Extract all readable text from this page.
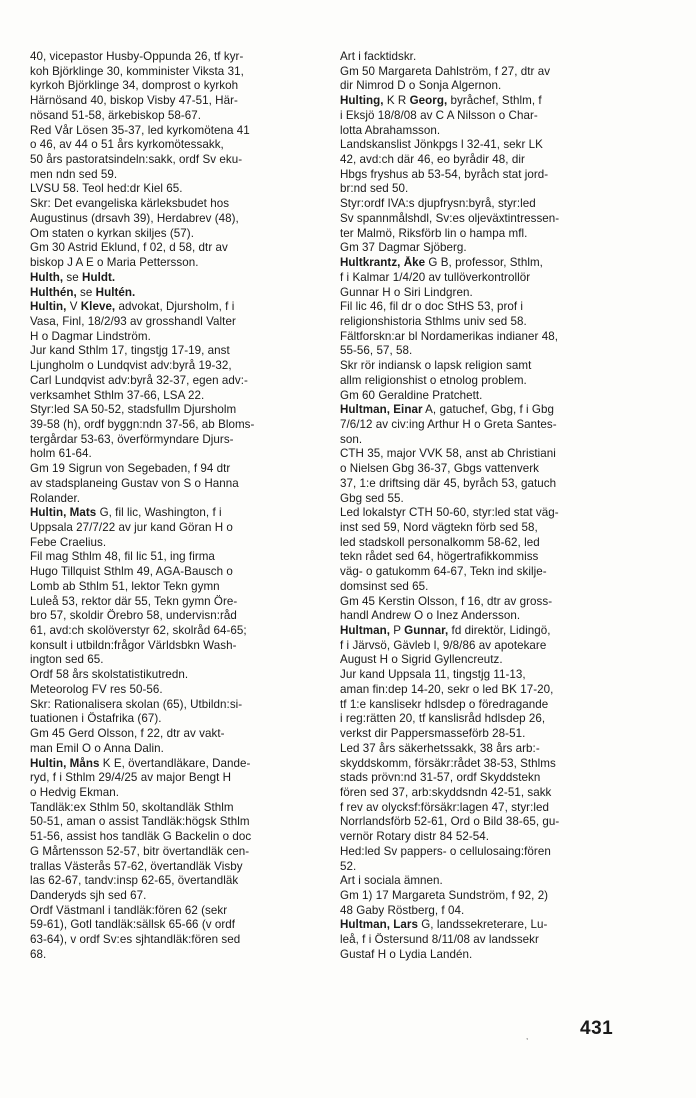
40, vicepastor Husby-Oppunda 26, tf kyr-
koh Björklinge 30, komminister Viksta 31,
kyrkoh Björklinge 34, domprost o kyrkoh
Härnösand 40, biskop Visby 47-51, Här-
nösand 51-58, ärkebiskop 58-67.
Red Vår Lösen 35-37, led kyrkomötena 41
o 46, av 44 o 51 års kyrkomötessakk,
50 års pastoratsindeln:sakk, ordf Sv eku-
men ndn sed 59.
LVSU 58. Teol hed:dr Kiel 65.
Skr: Det evangeliska kärleksbudet hos
Augustinus (drsavh 39), Herdabrev (48),
Om staten o kyrkan skiljes (57).
Gm 30 Astrid Eklund, f 02, d 58, dtr av
biskop J A E o Maria Pettersson.
Hulth, se Huldt.
Hulthén, se Hultén.
Hultin, V Kleve, advokat, Djursholm, f i
Vasa, Finl, 18/2/93 av grosshandl Valter
H o Dagmar Lindström.
Jur kand Sthlm 17, tingstjg 17-19, anst
Ljungholm o Lundqvist adv:byrå 19-32,
Carl Lundqvist adv:byrå 32-37, egen adv:-
verksamhet Sthlm 37-66, LSA 22.
Styr:led SA 50-52, stadsfullm Djursholm
39-58 (h), ordf byggn:ndn 37-56, ab Bloms-
tergårdar 53-63, överförmyndare Djurs-
holm 61-64.
Gm 19 Sigrun von Segebaden, f 94 dtr
av stadsplaneing Gustav von S o Hanna
Rolander.
Hultin, Mats G, fil lic, Washington, f i
Uppsala 27/7/22 av jur kand Göran H o
Febe Craelius.
Fil mag Sthlm 48, fil lic 51, ing firma
Hugo Tillquist Sthlm 49, AGA-Bausch o
Lomb ab Sthlm 51, lektor Tekn gymn
Luleå 53, rektor där 55, Tekn gymn Öre-
bro 57, skoldir Örebro 58, undervisn:råd
61, avd:ch skolöverstyr 62, skolråd 64-65;
konsult i utbildn:frågor Världsbkn Wash-
ington sed 65.
Ordf 58 års skolstatistikutredn.
Meteorolog FV res 50-56.
Skr: Rationalisera skolan (65), Utbildn:si-
tuationen i Östafrika (67).
Gm 45 Gerd Olsson, f 22, dtr av vakt-
man Emil O o Anna Dalin.
Hultin, Måns K E, övertandläkare, Dande-
ryd, f i Sthlm 29/4/25 av major Bengt H
o Hedvig Ekman.
Tandläk:ex Sthlm 50, skoltandläk Sthlm
50-51, aman o assist Tandläk:högsk Sthlm
51-56, assist hos tandläk G Backelin o doc
G Mårtensson 52-57, bitr övertandläk cen-
trallas Västerås 57-62, övertandläk Visby
las 62-67, tandv:insp 62-65, övertandläk
Danderyds sjh sed 67.
Ordf Västmanl i tandläk:fören 62 (sekr
59-61), Gotl tandläk:sällsk 65-66 (v ordf
63-64), v ordf Sv:es sjhtandläk:fören sed
68.
Art i facktidskr.
Gm 50 Margareta Dahlström, f 27, dtr av
dir Nimrod D o Sonja Algernon.
Hulting, K R Georg, byråchef, Sthlm, f
i Eksjö 18/8/08 av C A Nilsson o Char-
lotta Abrahamsson.
Landskanslist Jönkpgs l 32-41, sekr LK
42, avd:ch där 46, eo byrådir 48, dir
Hbgs fryshus ab 53-54, byråch stat jord-
br:nd sed 50.
Styr:ordf IVA:s djupfrysn:byrå, styr:led
Sv spannmålshdl, Sv:es oljeväxtintressen-
ter Malmö, Riksförb lin o hampa mfl.
Gm 37 Dagmar Sjöberg.
Hultkrantz, Åke G B, professor, Sthlm,
f i Kalmar 1/4/20 av tullöverkontrollör
Gunnar H o Siri Lindgren.
Fil lic 46, fil dr o doc StHS 53, prof i
religionshistoria Sthlms univ sed 58.
Fältforskn:ar bl Nordamerikas indianer 48,
55-56, 57, 58.
Skr rör indiansk o lapsk religion samt
allm religionshist o etnolog problem.
Gm 60 Geraldine Pratchett.
Hultman, Einar A, gatuchef, Gbg, f i Gbg
7/6/12 av civ:ing Arthur H o Greta Santes-
son.
CTH 35, major VVK 58, anst ab Christiani
o Nielsen Gbg 36-37, Gbgs vattenverk
37, 1:e driftsing där 45, byråch 53, gatuch
Gbg sed 55.
Led lokalstyr CTH 50-60, styr:led stat väg-
inst sed 59, Nord vägtekn förb sed 58,
led stadskoll personalkomm 58-62, led
tekn rådet sed 64, högertrafikkommiss
väg- o gatukomm 64-67, Tekn ind skilje-
domsinst sed 65.
Gm 45 Kerstin Olsson, f 16, dtr av gross-
handl Andrew O o Inez Andersson.
Hultman, P Gunnar, fd direktör, Lidingö,
f i Järvsö, Gävleb l, 9/8/86 av apotekare
August H o Sigrid Gyllencreutz.
Jur kand Uppsala 11, tingstjg 11-13,
aman fin:dep 14-20, sekr o led BK 17-20,
tf 1:e kanslisekr hdlsdep o föredragande
i reg:rätten 20, tf kanslisråd hdlsdep 26,
verkst dir Pappersmasseförb 28-51.
Led 37 års säkerhetssakk, 38 års arb:-
skyddskomm, försäkr:rådet 38-53, Sthlms
stads prövn:nd 31-57, ordf Skyddstekn
fören sed 37, arb:skyddsndn 42-51, sakk
f rev av olycksf:försäkr:lagen 47, styr:led
Norrlandsförb 52-61, Ord o Bild 38-65, gu-
vernör Rotary distr 84 52-54.
Hed:led Sv pappers- o cellulosaing:fören
52.
Art i sociala ämnen.
Gm 1) 17 Margareta Sundström, f 92, 2)
48 Gaby Röstberg, f 04.
Hultman, Lars G, landssekreterare, Lu-
leå, f i Östersund 8/11/08 av landssekr
Gustaf H o Lydia Landén.
,	431
